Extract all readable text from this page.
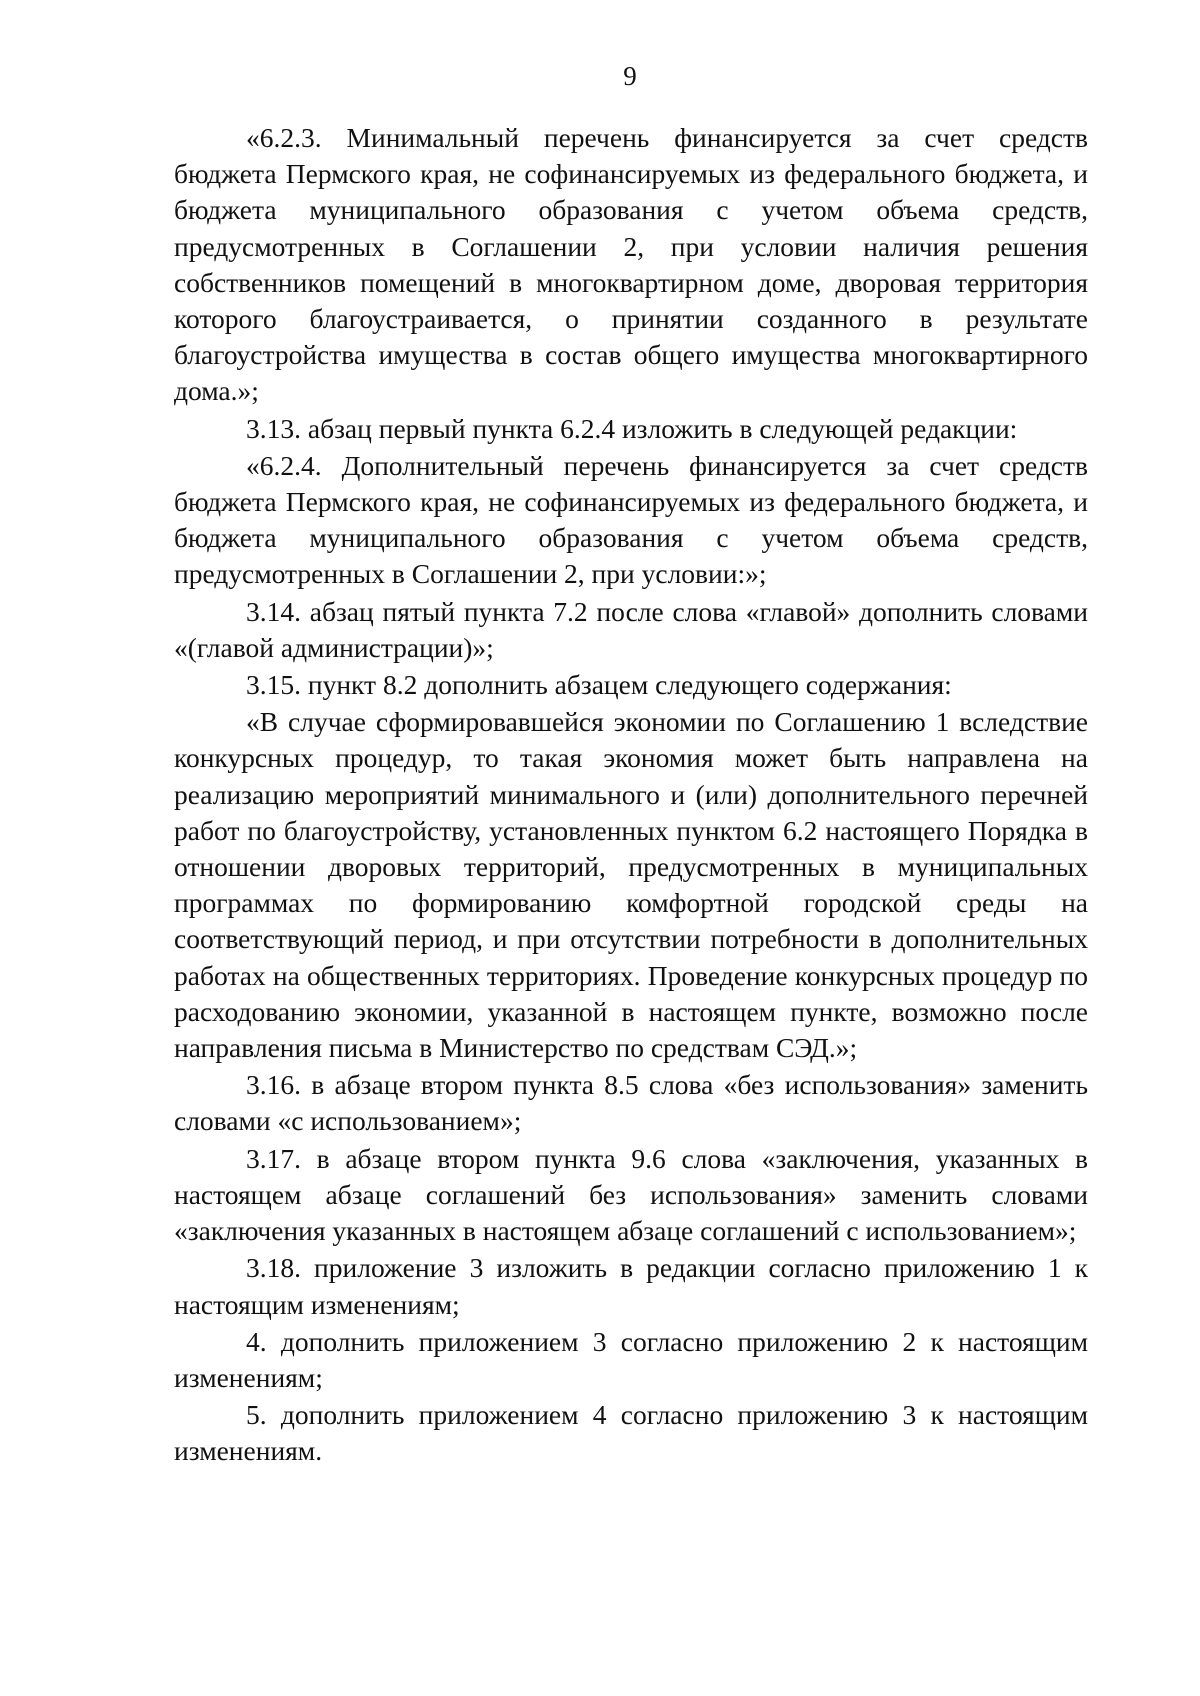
9

«6.2.3. Минимальный перечень финансируется за счет средств бюджета Пермского края, не софинансируемых из федерального бюджета, и бюджета муниципального образования с учетом объема средств, предусмотренных в Соглашении 2, при условии наличия решения собственников помещений в многоквартирном доме, дворовая территория которого благоустраивается, о принятии созданного в результате благоустройства имущества в состав общего имущества многоквартирного дома.»;

3.13. абзац первый пункта 6.2.4 изложить в следующей редакции:

«6.2.4. Дополнительный перечень финансируется за счет средств бюджета Пермского края, не софинансируемых из федерального бюджета, и бюджета муниципального образования с учетом объема средств, предусмотренных в Соглашении 2, при условии:»;

3.14. абзац пятый пункта 7.2 после слова «главой» дополнить словами «(главой администрации)»;

3.15. пункт 8.2 дополнить абзацем следующего содержания:

«В случае сформировавшейся экономии по Соглашению 1 вследствие конкурсных процедур, то такая экономия может быть направлена на реализацию мероприятий минимального и (или) дополнительного перечней работ по благоустройству, установленных пунктом 6.2 настоящего Порядка в отношении дворовых территорий, предусмотренных в муниципальных программах по формированию комфортной городской среды на соответствующий период, и при отсутствии потребности в дополнительных работах на общественных территориях. Проведение конкурсных процедур по расходованию экономии, указанной в настоящем пункте, возможно после направления письма в Министерство по средствам СЭД.»;

3.16. в абзаце втором пункта 8.5 слова «без использования» заменить словами «с использованием»;

3.17. в абзаце втором пункта 9.6 слова «заключения, указанных в настоящем абзаце соглашений без использования» заменить словами «заключения указанных в настоящем абзаце соглашений с использованием»;

3.18. приложение 3 изложить в редакции согласно приложению 1 к настоящим изменениям;

4. дополнить приложением 3 согласно приложению 2 к настоящим изменениям;

5. дополнить приложением 4 согласно приложению 3 к настоящим изменениям.
